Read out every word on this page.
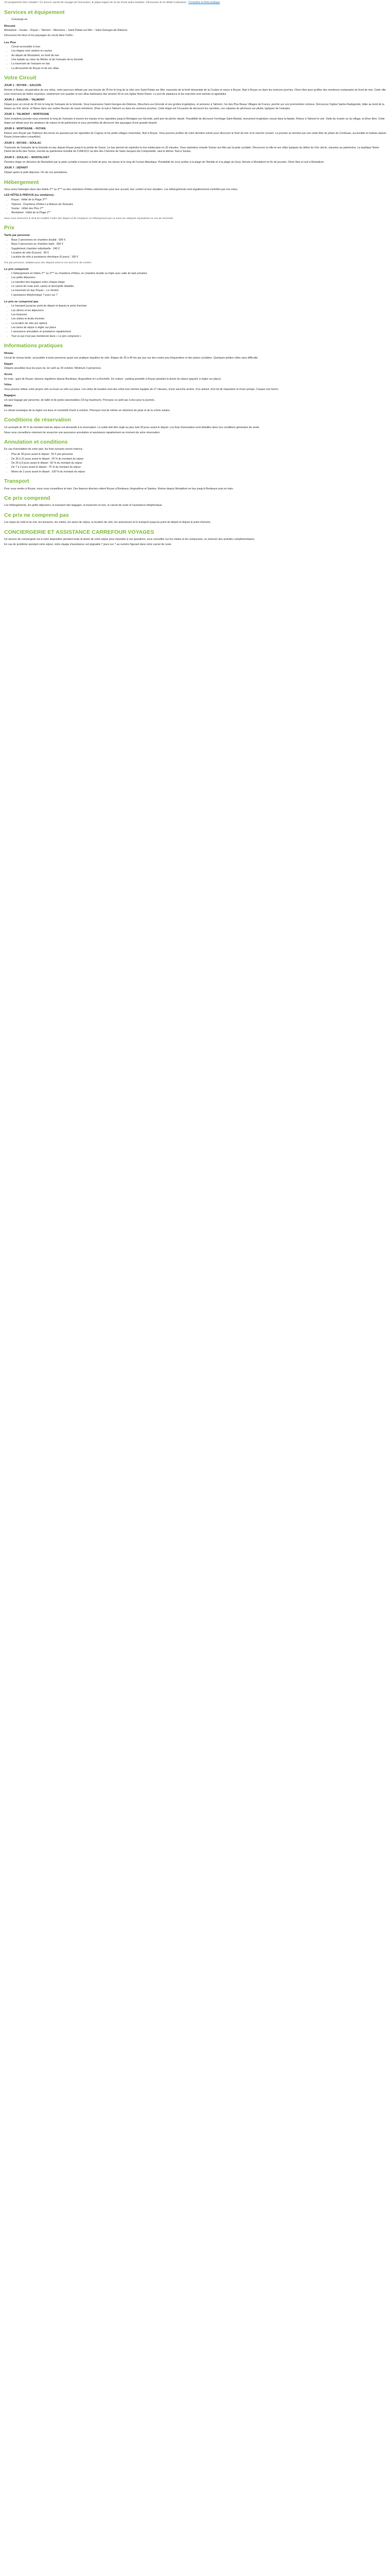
Un programme très complet ! Ce sera le carnet de voyage (et l'excursion, le pique-nique) de la vie d'une autre manière. Découvrez-le en détail ci-dessous : Consultez la fiche pratique
Services et équipement
• Concierge·ne
Résumé

Montalivet – Soulac – Royan – Talmont – Meschers – Saint-Palais-sur-Mer – Saint-Georges-de-Didonne

Découvrez les lieux et les paysages du circuit dans l'ordre :

Les Plus
• Circuit accessible à tous
• Les étapes sont variées et courtes
• Au départ de Montalivet, en bord de mer
• Une balade au cœur du Médoc et de l'estuaire de la Gironde
• La traversée de l'estuaire en bac
• La découverte de Royan et de ses villas
Votre Circuit
JOUR 1 : ROYAN – SAUJON

Arrivée à Royan, récupération de vos vélos, votre parcours débute par une boucle de 25 km le long de la côte vers Saint-Palais-sur-Mer, traversée de la forêt domaniale de la Coubre et retour à Royan. Nuit à Royan ou dans les environs proches. Dîner libre pour profiter des nombreux restaurants du front de mer. Cette ville vous réservera de belles surprises, notamment son quartier et ses villas balnéaires des années 50 et son église Notre-Dame. Le port de plaisance et les marchés sont animés et agréables.

JOUR 2 : SAUJON – TALMONT

Départ pour un circuit de 30 km le long de l'estuaire de la Gironde. Vous traverserez Saint-Georges-de-Didonne, Meschers-sur-Gironde et ses grottes troglodytes, et arriverez à Talmont, l'un des Plus Beaux Villages de France, perché sur son promontoire rocheux. Découvrez l'église Sainte-Radegonde, bâtie au bord de la falaise au XIIe siècle, et flânez dans ses ruelles fleuries de roses trémières. Dîner et nuit à Talmont ou dans les environs proches. Cette étape est l'occasion de découvrir les carrelets, ces cabanes de pêcheurs sur pilotis, typiques de l'estuaire.

JOUR 3 : TALMONT – MORTAGNE

Votre troisième journée vous emmène le long de l'estuaire à travers les marais et les vignobles jusqu'à Mortagne-sur-Gironde, petit port de pêche réputé. Possibilité de découvrir l'ermitage Saint-Martial, monument troglodyte creusé dans la falaise. Retour à Talmont le soir. Visite du musée ou du village, et dîner libre. Cette étape est idéale pour les amateurs de nature et de patrimoine et vous permettra de découvrir des paysages d'une grande beauté.

JOUR 4 : MORTAGNE – ROYAN

Retour vers Royan par l'intérieur des terres en passant par les vignobles du Cognac et les petits villages charentais. Nuit à Royan. Vous pourrez profiter de votre dernière soirée pour découvrir le front de mer et le marché couvert. La journée se termine par une visite libre du phare de Cordouan, accessible en bateau depuis Royan (réservation conseillée).

JOUR 5 : ROYAN – SOULAC

Traversée de l'estuaire de la Gironde en bac depuis Royan jusqu'à la pointe de Grave. Le bac permet de rejoindre la rive médocaine en 20 minutes. Vous rejoindrez ensuite Soulac-sur-Mer par la piste cyclable. Découvrez la ville et ses villas typiques du début du XXe siècle, classées au patrimoine. La basilique Notre-Dame-de-la-fin-des-Terres, inscrite au patrimoine mondial de l'UNESCO au titre des Chemins de Saint-Jacques-de-Compostelle, vaut le détour. Nuit à Soulac.

JOUR 6 : SOULAC – MONTALIVET

Dernière étape en direction de Montalivet par la piste cyclable à travers la forêt de pins, les dunes et le long de l'océan Atlantique. Possibilité de vous arrêter à la plage de l'Amélie et à la plage du Gurp. Arrivée à Montalivet en fin de journée. Dîner libre et nuit à Montalivet.

JOUR 7 : DÉPART

Départ après le petit déjeuner. Fin de nos prestations.

Hébergement

Vous serez hébergés dans des hôtels 2** ou 3*** ou des chambres d'hôtes sélectionnés pour leur accueil, leur confort et leur situation. Les hébergements sont régulièrement contrôlés par nos soins.

LES HÔTELS PRÉVUS (ou similaires) :
• Royan : Hôtel de la Plage 3***
• Talmont : Chambres d'hôtes La Maison de l'Estuaire
• Soulac : Hôtel des Pins 2**
• Montalivet : Hôtel de la Plage 2**

Nous nous réservons le droit de modifier l'ordre des étapes et de remplacer un hébergement par un autre de catégorie équivalente en cas de nécessité.

Prix
Tarifs par personne
• Base 2 personnes en chambre double : 695 €
• Base 3 personnes en chambre triple : 650 €
• Supplément chambre individuelle : 240 €
• Location de vélo (6 jours) : 90 €
• Location de vélo à assistance électrique (6 jours) : 180 €

Prix par personne, valables pour des départs entre le 1er avril et le 30 octobre.

Le prix comprend
• L'hébergement en hôtels 2** ou 3*** ou chambres d'hôtes, en chambre double ou triple avec salle de bain privative
• Les petits déjeuners
• Le transfert des bagages entre chaque étape
• Le carnet de route avec cartes et descriptifs détaillés
• La traversée en bac Royan – Le Verdon
• L'assistance téléphonique 7 jours sur 7
Le prix ne comprend pas
• Le transport jusqu'au point de départ et depuis le point d'arrivée
• Les dîners et les déjeuners
• Les boissons
• Les visites et droits d'entrée
• La location de vélo (en option)
• Les taxes de séjour à régler sur place
• L'assurance annulation et assistance rapatriement
• Tout ce qui n'est pas mentionné dans « Le prix comprend »
Informations pratiques
Niveau

Circuit de niveau facile, accessible à toute personne ayant une pratique régulière du vélo. Étapes de 25 à 45 km par jour sur des routes peu fréquentées et des pistes cyclables. Quelques petites côtes sans difficulté.

Départ

Départs possibles tous les jours du 1er avril au 30 octobre. Minimum 2 personnes.

Accès

En train : gare de Royan, liaisons régulières depuis Bordeaux, Angoulême et La Rochelle. En voiture : parking possible à Royan pendant la durée du séjour (payant, à régler sur place).

Vélos

Vous pouvez utiliser votre propre vélo ou louer un vélo sur place. Les vélos de location sont des vélos tout chemin équipés de 27 vitesses, d'une sacoche arrière, d'un antivol, d'un kit de réparation et d'une pompe. Casque non fourni.

Bagages

Un seul bagage par personne, de taille et de poids raisonnables (15 kg maximum). Prévoyez un petit sac à dos pour la journée.

Météo

Le climat océanique de la région est doux et ensoleillé d'avril à octobre. Prévoyez tout de même un vêtement de pluie et de la crème solaire.

Conditions de réservation

Un acompte de 30 % du montant total du séjour est demandé à la réservation. Le solde doit être réglé au plus tard 30 jours avant le départ. Les frais d'annulation sont détaillés dans nos conditions générales de vente.

Nous vous conseillons vivement de souscrire une assurance annulation et assistance rapatriement au moment de votre réservation.

Annulation et conditions

En cas d'annulation de votre part, les frais suivants seront retenus :

• Plus de 30 jours avant le départ : 50 € par personne
• De 30 à 21 jours avant le départ : 25 % du montant du séjour
• De 20 à 8 jours avant le départ : 50 % du montant du séjour
• De 7 à 2 jours avant le départ : 75 % du montant du séjour
• Moins de 2 jours avant le départ : 100 % du montant du séjour
Transport

Pour vous rendre à Royan, nous vous conseillons le train. Des liaisons directes relient Royan à Bordeaux, Angoulême et Saintes. Retour depuis Montalivet en bus jusqu'à Bordeaux puis en train.

Ce prix comprend

Les hébergements, les petits déjeuners, le transport des bagages, la traversée en bac, le carnet de route et l'assistance téléphonique.

Ce prix ne comprend pas

Les repas du midi et du soir, les boissons, les visites, les taxes de séjour, la location de vélo, les assurances et le transport jusqu'au point de départ et depuis le point d'arrivée.

CONCIERGERIE ET ASSISTANCE CARREFOUR VOYAGES

Un service de conciergerie est à votre disposition pendant toute la durée de votre séjour pour répondre à vos questions, vous conseiller sur les visites et les restaurants, ou réserver des activités complémentaires.

En cas de problème pendant votre séjour, notre équipe d'assistance est joignable 7 jours sur 7 au numéro figurant dans votre carnet de route.
